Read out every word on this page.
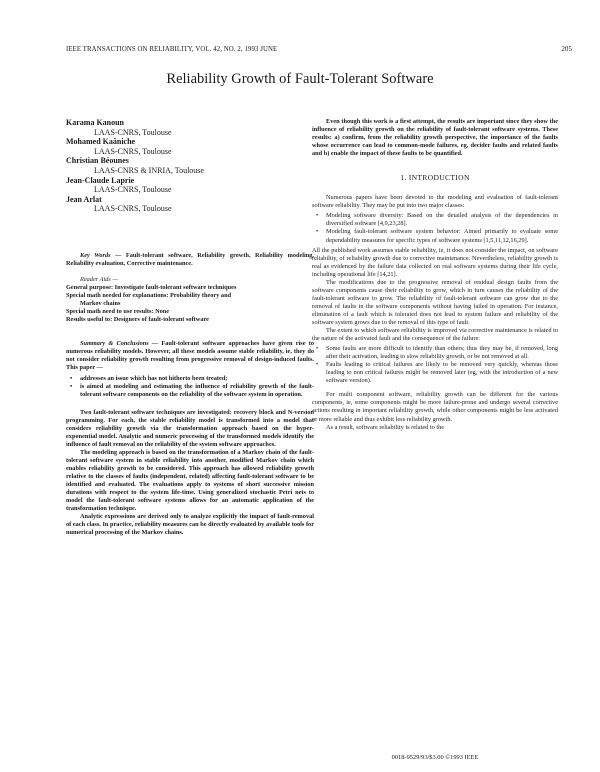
IEEE TRANSACTIONS ON RELIABILITY, VOL. 42, NO. 2, 1993 JUNE	205
Reliability Growth of Fault-Tolerant Software
Karama Kanoun
LAAS-CNRS, Toulouse
Mohamed Kaâniche
LAAS-CNRS, Toulouse
Christian Béounes
LAAS-CNRS & INRIA, Toulouse
Jean-Claude Laprie
LAAS-CNRS, Toulouse
Jean Arlat
LAAS-CNRS, Toulouse

Key Words — Fault-tolerant software, Reliability growth, Reliability modeling, Reliability evaluation, Corrective maintenance.

Reader Aids —
General purpose: Investigate fault-tolerant software techniques
Special math needed for explanations: Probability theory and
Markov chains
Special math need to use results: None
Results useful to: Designers of fault-tolerant software

Summary & Conclusions — Fault-tolerant software approaches have given rise to numerous reliability models. However, all these models assume stable reliability, ie, they do not consider reliability growth resulting from progressive removal of design-induced faults. This paper —

• addresses an issue which has not hitherto been treated;
• is aimed at modeling and estimating the influence of reliability growth of the fault-tolerant software components on the reliability of the software system in operation.

Two fault-tolerant software techniques are investigated: recovery block and N-version programming. For each, the stable reliability model is transformed into a model that considers reliability growth via the transformation approach based on the hyper-exponential model. Analytic and numeric processing of the transformed models identify the influence of fault removal on the reliability of the system software approaches.

The modeling approach is based on the transformation of a Markov chain of the fault-tolerant software system in stable reliability into another, modified Markov chain which enables reliability growth to be considered. This approach has allowed reliability growth relative to the classes of faults (independent, related) affecting fault-tolerant software to be identified and evaluated. The evaluations apply to systems of short successive mission durations with respect to the system life-time. Using generalized stochastic Petri nets to model the fault-tolerant software systems allows for an automatic application of the transformation technique.

Analytic expressions are derived only to analyze explicitly the impact of fault-removal of each class. In practice, reliability measures can be directly evaluated by available tools for numerical processing of the Markov chains.

Even though this work is a first attempt, the results are important since they show the influence of reliability growth on the reliability of fault-tolerant software systems. These results: a) confirm, from the reliability growth perspective, the importance of the faults whose occurrence can lead to common-mode failures, eg, decider faults and related faults and b) enable the impact of these faults to be quantified.

1. INTRODUCTION

Numerous papers have been devoted to the modeling and evaluation of fault-tolerant software reliability. They may be put into two major classes:

• Modeling software diversity: Based on the detailed analysis of the dependencies in diversified software [4,9,23,28].
• Modeling fault-tolerant software system behavior: Aimed primarily to evaluate some dependability measures for specific types of software systems [1,5,11,12,16,29].

All the published work assumes stable reliability, ie, it does not consider the impact, on software reliability, of reliability growth due to corrective maintenance. Nevertheless, reliability growth is real as evidenced by the failure data collected on real software systems during their life cycle, including operational life [14,21].

The modifications due to the progressive removal of residual design faults from the software components cause their reliability to grow, which in turn causes the reliability of the fault-tolerant software to grow. The reliability of fault-tolerant software can grow due to the removal of faults in the software components without having failed in operation. For instance, elimination of a fault which is tolerated does not lead to system failure and reliability of the software system grows due to the removal of this type of fault.

The extent to which software reliability is improved via corrective maintenance is related to the nature of the activated fault and the consequence of the failure:

• Some faults are more difficult to identify than others; thus they may be, if removed, long after their activation, leading to slow reliability growth, or be not removed at all.
• Faults leading to critical failures are likely to be removed very quickly, whereas those leading to non critical failures might be removed later (eg, with the introduction of a new software version).

For multi component software, reliability growth can be different for the various components, ie, some components might be more failure-prone and undergo several corrective actions resulting in important reliability growth, while other components might be less activated or more reliable and thus exhibit less reliability growth.

As a result, software reliability is related to the

0018-9529/93/$3.00 ©1993 IEEE
